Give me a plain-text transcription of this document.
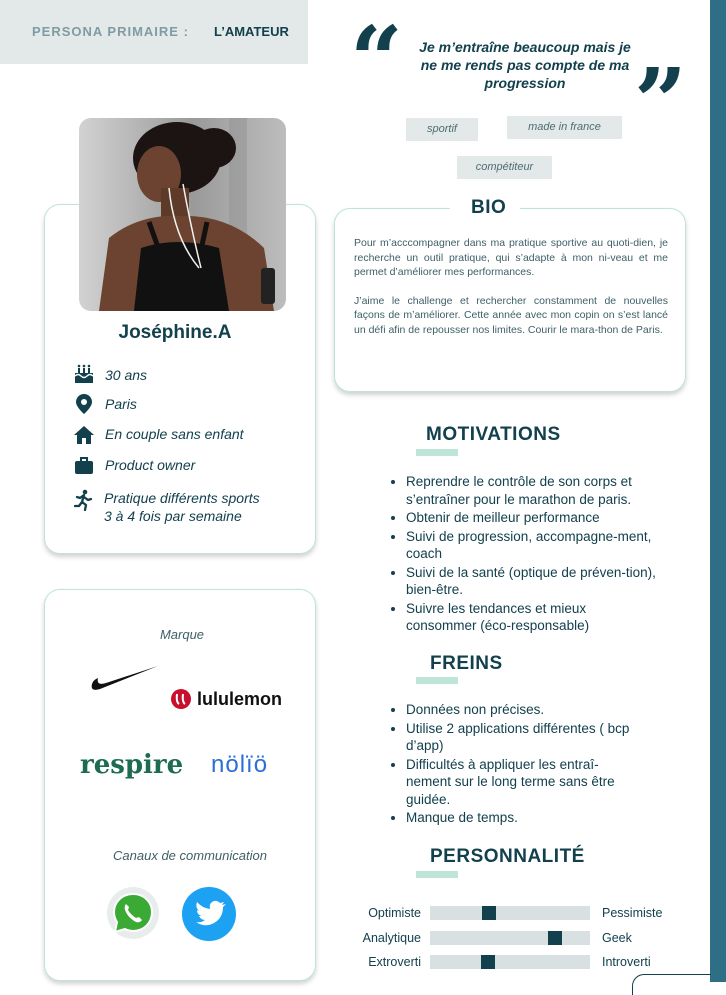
PERSONA PRIMAIRE : L’AMATEUR “	”
Je m’entraîne beaucoup mais je ne me rends pas compte de ma progression
sportif	made in france
compétiteur
Joséphine.A
30 ans
Paris
En couple sans enfant
Product owner
Pratique différents sports
3 à 4 fois par semaine
Marque
lululemon
respire nölïö
Canaux de communication
BIO
Pour m’acccompagner dans ma pratique sportive au quoti-dien, je recherche un outil pratique, qui s’adapte à mon ni-veau et me permet d’améliorer mes performances.
J’aime le challenge et rechercher constamment de nouvelles façons de m’améliorer. Cette année avec mon copin on s’est lancé un défi afin de repousser nos limites. Courir le mara-thon de Paris.
MOTIVATIONS
• Reprendre le contrôle de son corps et s’entraîner pour le marathon de paris.
• Obtenir de meilleur performance
• Suivi de progression, accompagne-ment, coach
• Suivi de la santé (optique de préven-tion), bien-être.
• Suivre les tendances et mieux consommer (éco-responsable)
FREINS
• Données non précises.
• Utilise 2 applications différentes ( bcp d’app)
• Difficultés à appliquer les entraî-nement sur le long terme sans être guidée.
• Manque de temps.
PERSONNALITÉ
Optimiste	Pessimiste
Analytique	Geek
Extroverti	Introverti
